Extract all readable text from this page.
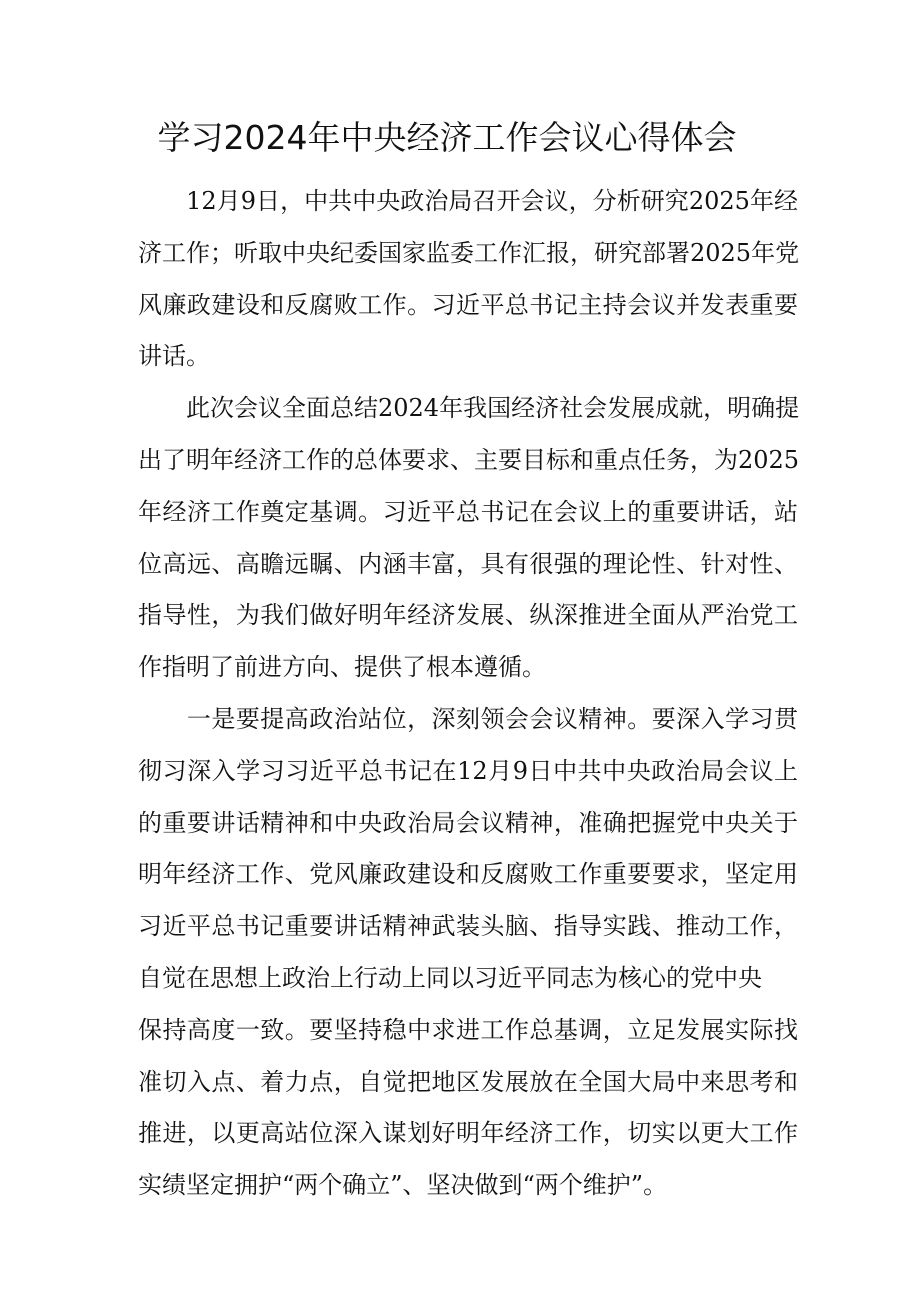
学习2024年中央经济工作会议心得体会
　　12月9日，中共中央政治局召开会议，分析研究2025年经
济工作；听取中央纪委国家监委工作汇报，研究部署2025年党
风廉政建设和反腐败工作。习近平总书记主持会议并发表重要
讲话。
　　此次会议全面总结2024年我国经济社会发展成就，明确提
出了明年经济工作的总体要求、主要目标和重点任务，为2025
年经济工作奠定基调。习近平总书记在会议上的重要讲话，站
位高远、高瞻远瞩、内涵丰富，具有很强的理论性、针对性、
指导性，为我们做好明年经济发展、纵深推进全面从严治党工
作指明了前进方向、提供了根本遵循。
　　一是要提高政治站位，深刻领会会议精神。要深入学习贯
彻习深入学习习近平总书记在12月9日中共中央政治局会议上
的重要讲话精神和中央政治局会议精神，准确把握党中央关于
明年经济工作、党风廉政建设和反腐败工作重要要求，坚定用
习近平总书记重要讲话精神武装头脑、指导实践、推动工作，
自觉在思想上政治上行动上同以习近平同志为核心的党中央
保持高度一致。要坚持稳中求进工作总基调，立足发展实际找
准切入点、着力点，自觉把地区发展放在全国大局中来思考和
推进，以更高站位深入谋划好明年经济工作，切实以更大工作
实绩坚定拥护“两个确立”、坚决做到“两个维护”。
